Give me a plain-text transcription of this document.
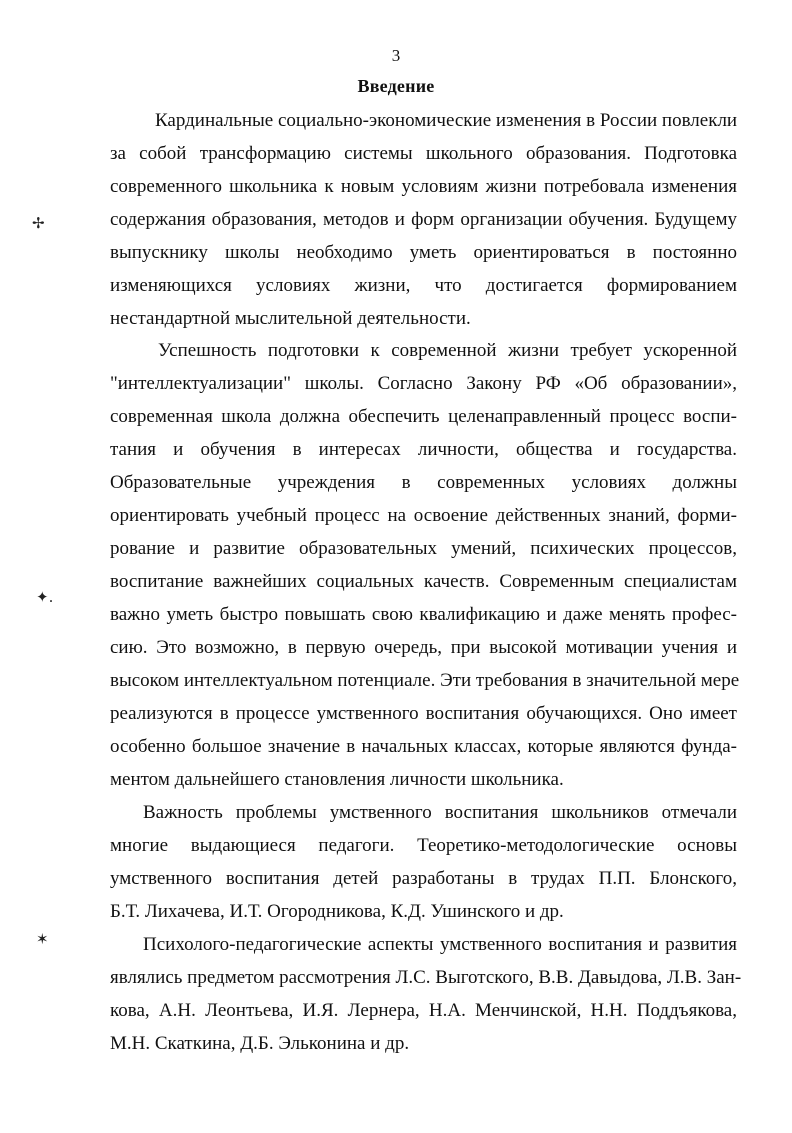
3
Введение
✢
✦.
✶
Кардинальные социально-экономические изменения в России повлекли
за собой трансформацию системы школьного образования. Подготовка
современного школьника к новым условиям жизни потребовала изменения
содержания образования, методов и форм организации обучения. Будущему
выпускнику школы необходимо уметь ориентироваться в постоянно
изменяющихся условиях жизни, что достигается формированием
нестандартной мыслительной деятельности.
Успешность подготовки к современной жизни требует ускоренной
"интеллектуализации" школы. Согласно Закону РФ «Об образовании»,
современная школа должна обеспечить целенаправленный процесс воспи-
тания и обучения в интересах личности, общества и государства.
Образовательные учреждения в современных условиях должны
ориентировать учебный процесс на освоение действенных знаний, форми-
рование и развитие образовательных умений, психических процессов,
воспитание важнейших социальных качеств. Современным специалистам
важно уметь быстро повышать свою квалификацию и даже менять профес-
сию. Это возможно, в первую очередь, при высокой мотивации учения и
высоком интеллектуальном потенциале. Эти требования в значительной мере
реализуются в процессе умственного воспитания обучающихся. Оно имеет
особенно большое значение в начальных классах, которые являются фунда-
ментом дальнейшего становления личности школьника.
Важность проблемы умственного воспитания школьников отмечали
многие выдающиеся педагоги. Теоретико-методологические основы
умственного воспитания детей разработаны в трудах П.П. Блонского,
Б.Т. Лихачева, И.Т. Огородникова, К.Д. Ушинского и др.
Психолого-педагогические аспекты умственного воспитания и развития
являлись предметом рассмотрения Л.С. Выготского, В.В. Давыдова, Л.В. Зан-
кова, А.Н. Леонтьева, И.Я. Лернера, Н.А. Менчинской, Н.Н. Поддъякова,
М.Н. Скаткина, Д.Б. Эльконина и др.
